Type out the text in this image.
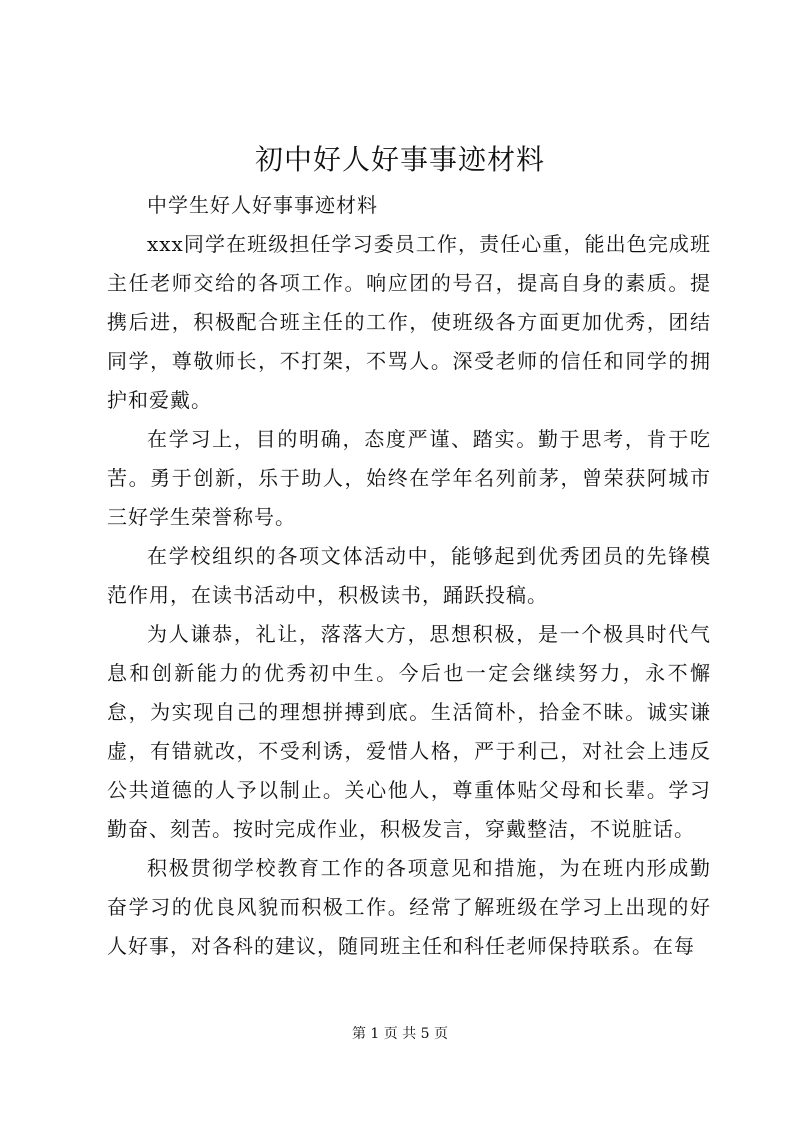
初中好人好事事迹材料

中学生好人好事事迹材料

xxx同学在班级担任学习委员工作，责任心重，能出色完成班主任老师交给的各项工作。响应团的号召，提高自身的素质。提携后进，积极配合班主任的工作，使班级各方面更加优秀，团结同学，尊敬师长，不打架，不骂人。深受老师的信任和同学的拥护和爱戴。

在学习上，目的明确，态度严谨、踏实。勤于思考，肯于吃苦。勇于创新，乐于助人，始终在学年名列前茅，曾荣获阿城市三好学生荣誉称号。

在学校组织的各项文体活动中，能够起到优秀团员的先锋模范作用，在读书活动中，积极读书，踊跃投稿。

为人谦恭，礼让，落落大方，思想积极，是一个极具时代气息和创新能力的优秀初中生。今后也一定会继续努力，永不懈怠，为实现自己的理想拼搏到底。生活简朴，拾金不昧。诚实谦虚，有错就改，不受利诱，爱惜人格，严于利己，对社会上违反公共道德的人予以制止。关心他人，尊重体贴父母和长辈。学习勤奋、刻苦。按时完成作业，积极发言，穿戴整洁，不说脏话。

积极贯彻学校教育工作的各项意见和措施，为在班内形成勤奋学习的优良风貌而积极工作。经常了解班级在学习上出现的好人好事，对各科的建议，随同班主任和科任老师保持联系。在每

第 1 页 共 5 页
